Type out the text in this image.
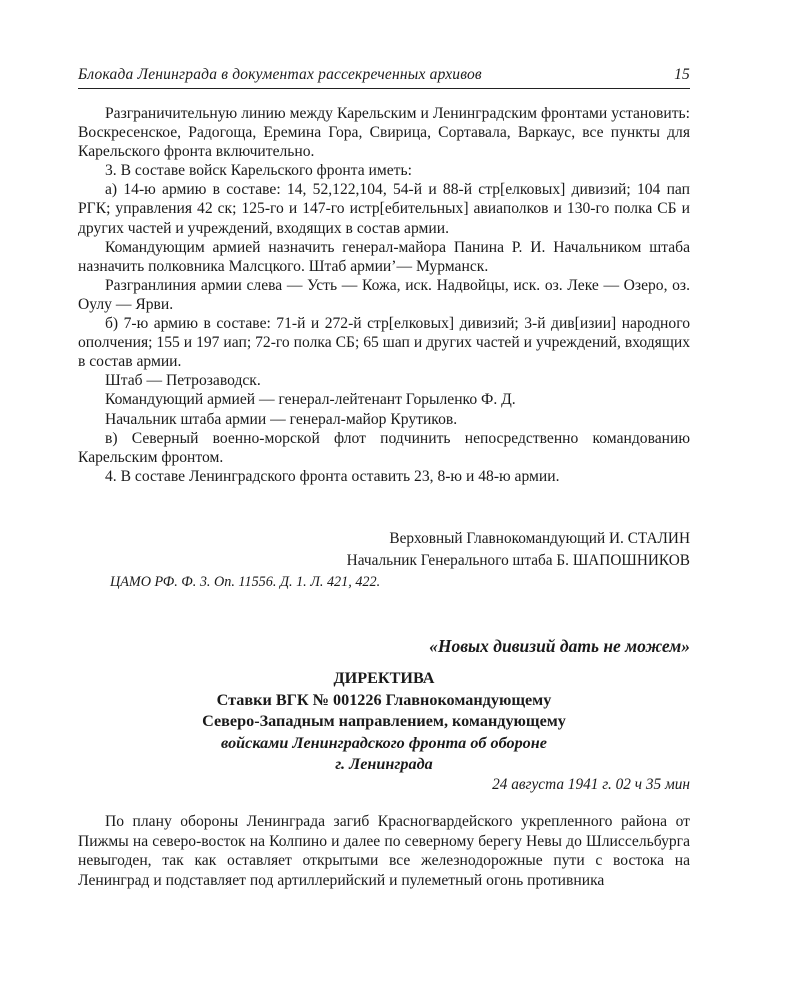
Блокада Ленинграда в документах рассекреченных архивов	15

Разграничительную линию между Карельским и Ленинградским фронтами установить: Воскресенское, Радогоща, Еремина Гора, Свирица, Сортавала, Варкаус, все пункты для Карельского фронта включительно.

3. В составе войск Карельского фронта иметь:

а) 14-ю армию в составе: 14, 52,122,104, 54-й и 88-й стр[елковых] дивизий; 104 пап РГК; управления 42 ск; 125-го и 147-го истр[ебительных] авиаполков и 130-го полка СБ и других частей и учреждений, входящих в состав армии.

Командующим армией назначить генерал-майора Панина Р. И. Начальником штаба назначить полковника Малсцкого. Штаб армии’— Мурманск.

Разгранлиния армии слева — Усть — Кожа, иск. Надвойцы, иск. оз. Леке — Озеро, оз. Оулу — Ярви.

б) 7-ю армию в составе: 71-й и 272-й стр[елковых] дивизий; 3-й див[изии] народного ополчения; 155 и 197 иап; 72-го полка СБ; 65 шап и других частей и учреждений, входящих в состав армии.

Штаб — Петрозаводск.

Командующий армией — генерал-лейтенант Горыленко Ф. Д.

Начальник штаба армии — генерал-майор Крутиков.

в) Северный военно-морской флот подчинить непосредственно командованию Карельским фронтом.

4. В составе Ленинградского фронта оставить 23, 8-ю и 48-ю армии.

Верховный Главнокомандующий И. СТАЛИН
Начальник Генерального штаба Б. ШАПОШНИКОВ
ЦАМО РФ. Ф. 3. Оп. 11556. Д. 1. Л. 421, 422.
«Новых дивизий дать не можем»
ДИРЕКТИВА
Ставки ВГК № 001226 Главнокомандующему
Северо-Западным направлением, командующему
войсками Ленинградского фронта об обороне
г. Ленинграда
24 августа 1941 г. 02 ч 35 мин

По плану обороны Ленинграда загиб Красногвардейского укрепленного района от Пижмы на северо-восток на Колпино и далее по северному берегу Невы до Шлиссельбурга невыгоден, так как оставляет открытыми все железнодорожные пути с востока на Ленинград и подставляет под артиллерийский и пулеметный огонь противника
